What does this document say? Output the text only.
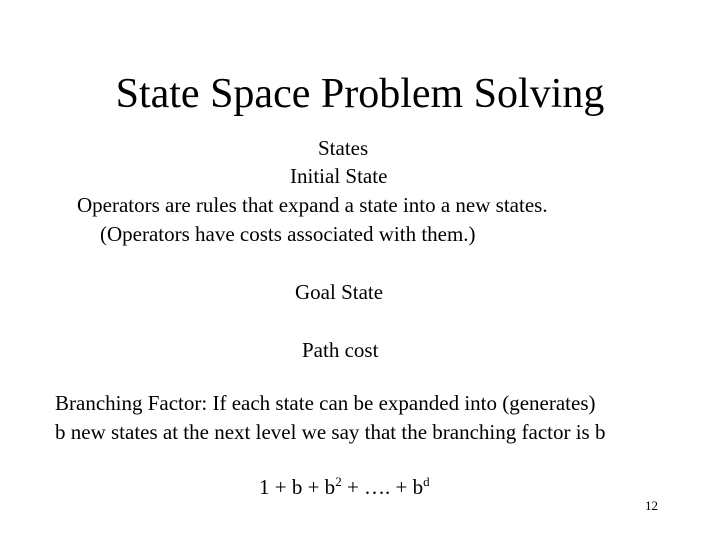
State Space Problem Solving
States
Initial State
Operators are rules that expand a state into a new states.
(Operators have costs associated with them.)
Goal State
Path cost
Branching Factor: If each state can be expanded into (generates)
b new states at the next level we say that the branching factor is b
$1 + b + b^2$ + …. + $b^d$
12
